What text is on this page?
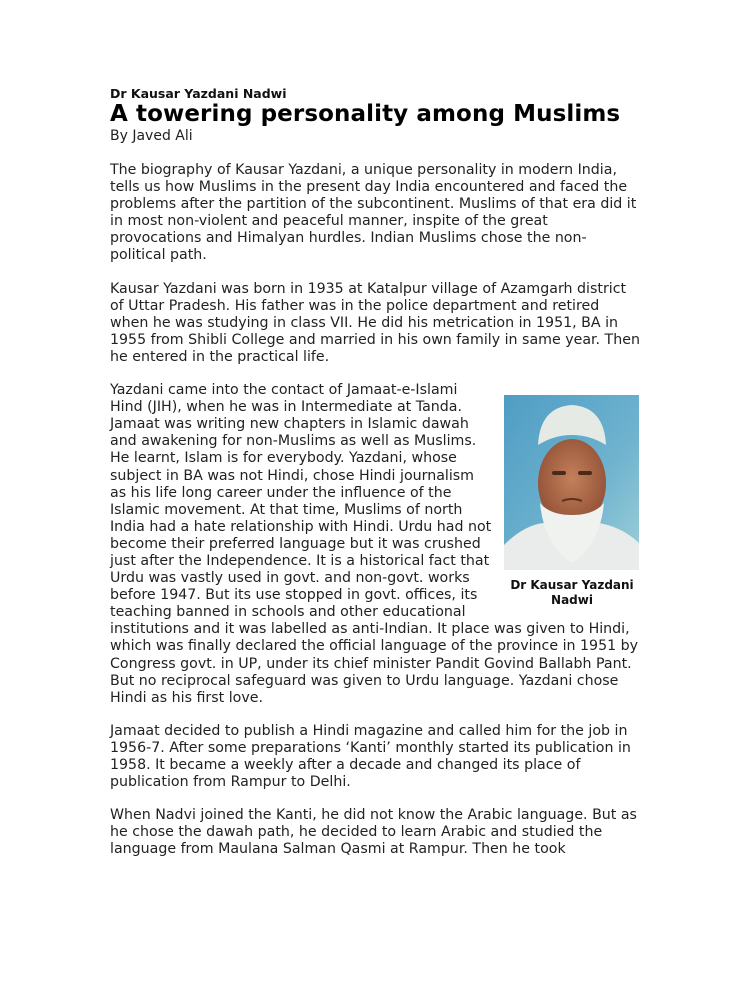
Dr Kausar Yazdani Nadwi

A towering personality among Muslims

By Javed Ali

The biography of Kausar Yazdani, a unique personality in modern India, tells us how Muslims in the present day India encountered and faced the problems after the partition of the subcontinent. Muslims of that era did it in most non-violent and peaceful manner, inspite of the great provocations and Himalyan hurdles. Indian Muslims chose the non-political path.

Kausar Yazdani was born in 1935 at Katalpur village of Azamgarh district of Uttar Pradesh. His father was in the police department and retired when he was studying in class VII. He did his metrication in 1951, BA in 1955 from Shibli College and married in his own family in same year. Then he entered in the practical life.

Dr Kausar Yazdani Nadwi

Yazdani came into the contact of Jamaat-e-Islami Hind (JIH), when he was in Intermediate at Tanda. Jamaat was writing new chapters in Islamic dawah and awakening for non-Muslims as well as Muslims. He learnt, Islam is for everybody. Yazdani, whose subject in BA was not Hindi, chose Hindi journalism as his life long career under the influence of the Islamic movement. At that time, Muslims of north India had a hate relationship with Hindi. Urdu had not become their preferred language but it was crushed just after the Independence. It is a historical fact that Urdu was vastly used in govt. and non-govt. works before 1947. But its use stopped in govt. offices, its teaching banned in schools and other educational institutions and it was labelled as anti-Indian. It place was given to Hindi, which was finally declared the official language of the province in 1951 by Congress govt. in UP, under its chief minister Pandit Govind Ballabh Pant. But no reciprocal safeguard was given to Urdu language. Yazdani chose Hindi as his first love.

Jamaat decided to publish a Hindi magazine and called him for the job in 1956-7. After some preparations ‘Kanti’ monthly started its publication in 1958. It became a weekly after a decade and changed its place of publication from Rampur to Delhi.

When Nadvi joined the Kanti, he did not know the Arabic language. But as he chose the dawah path, he decided to learn Arabic and studied the language from Maulana Salman Qasmi at Rampur. Then he took
